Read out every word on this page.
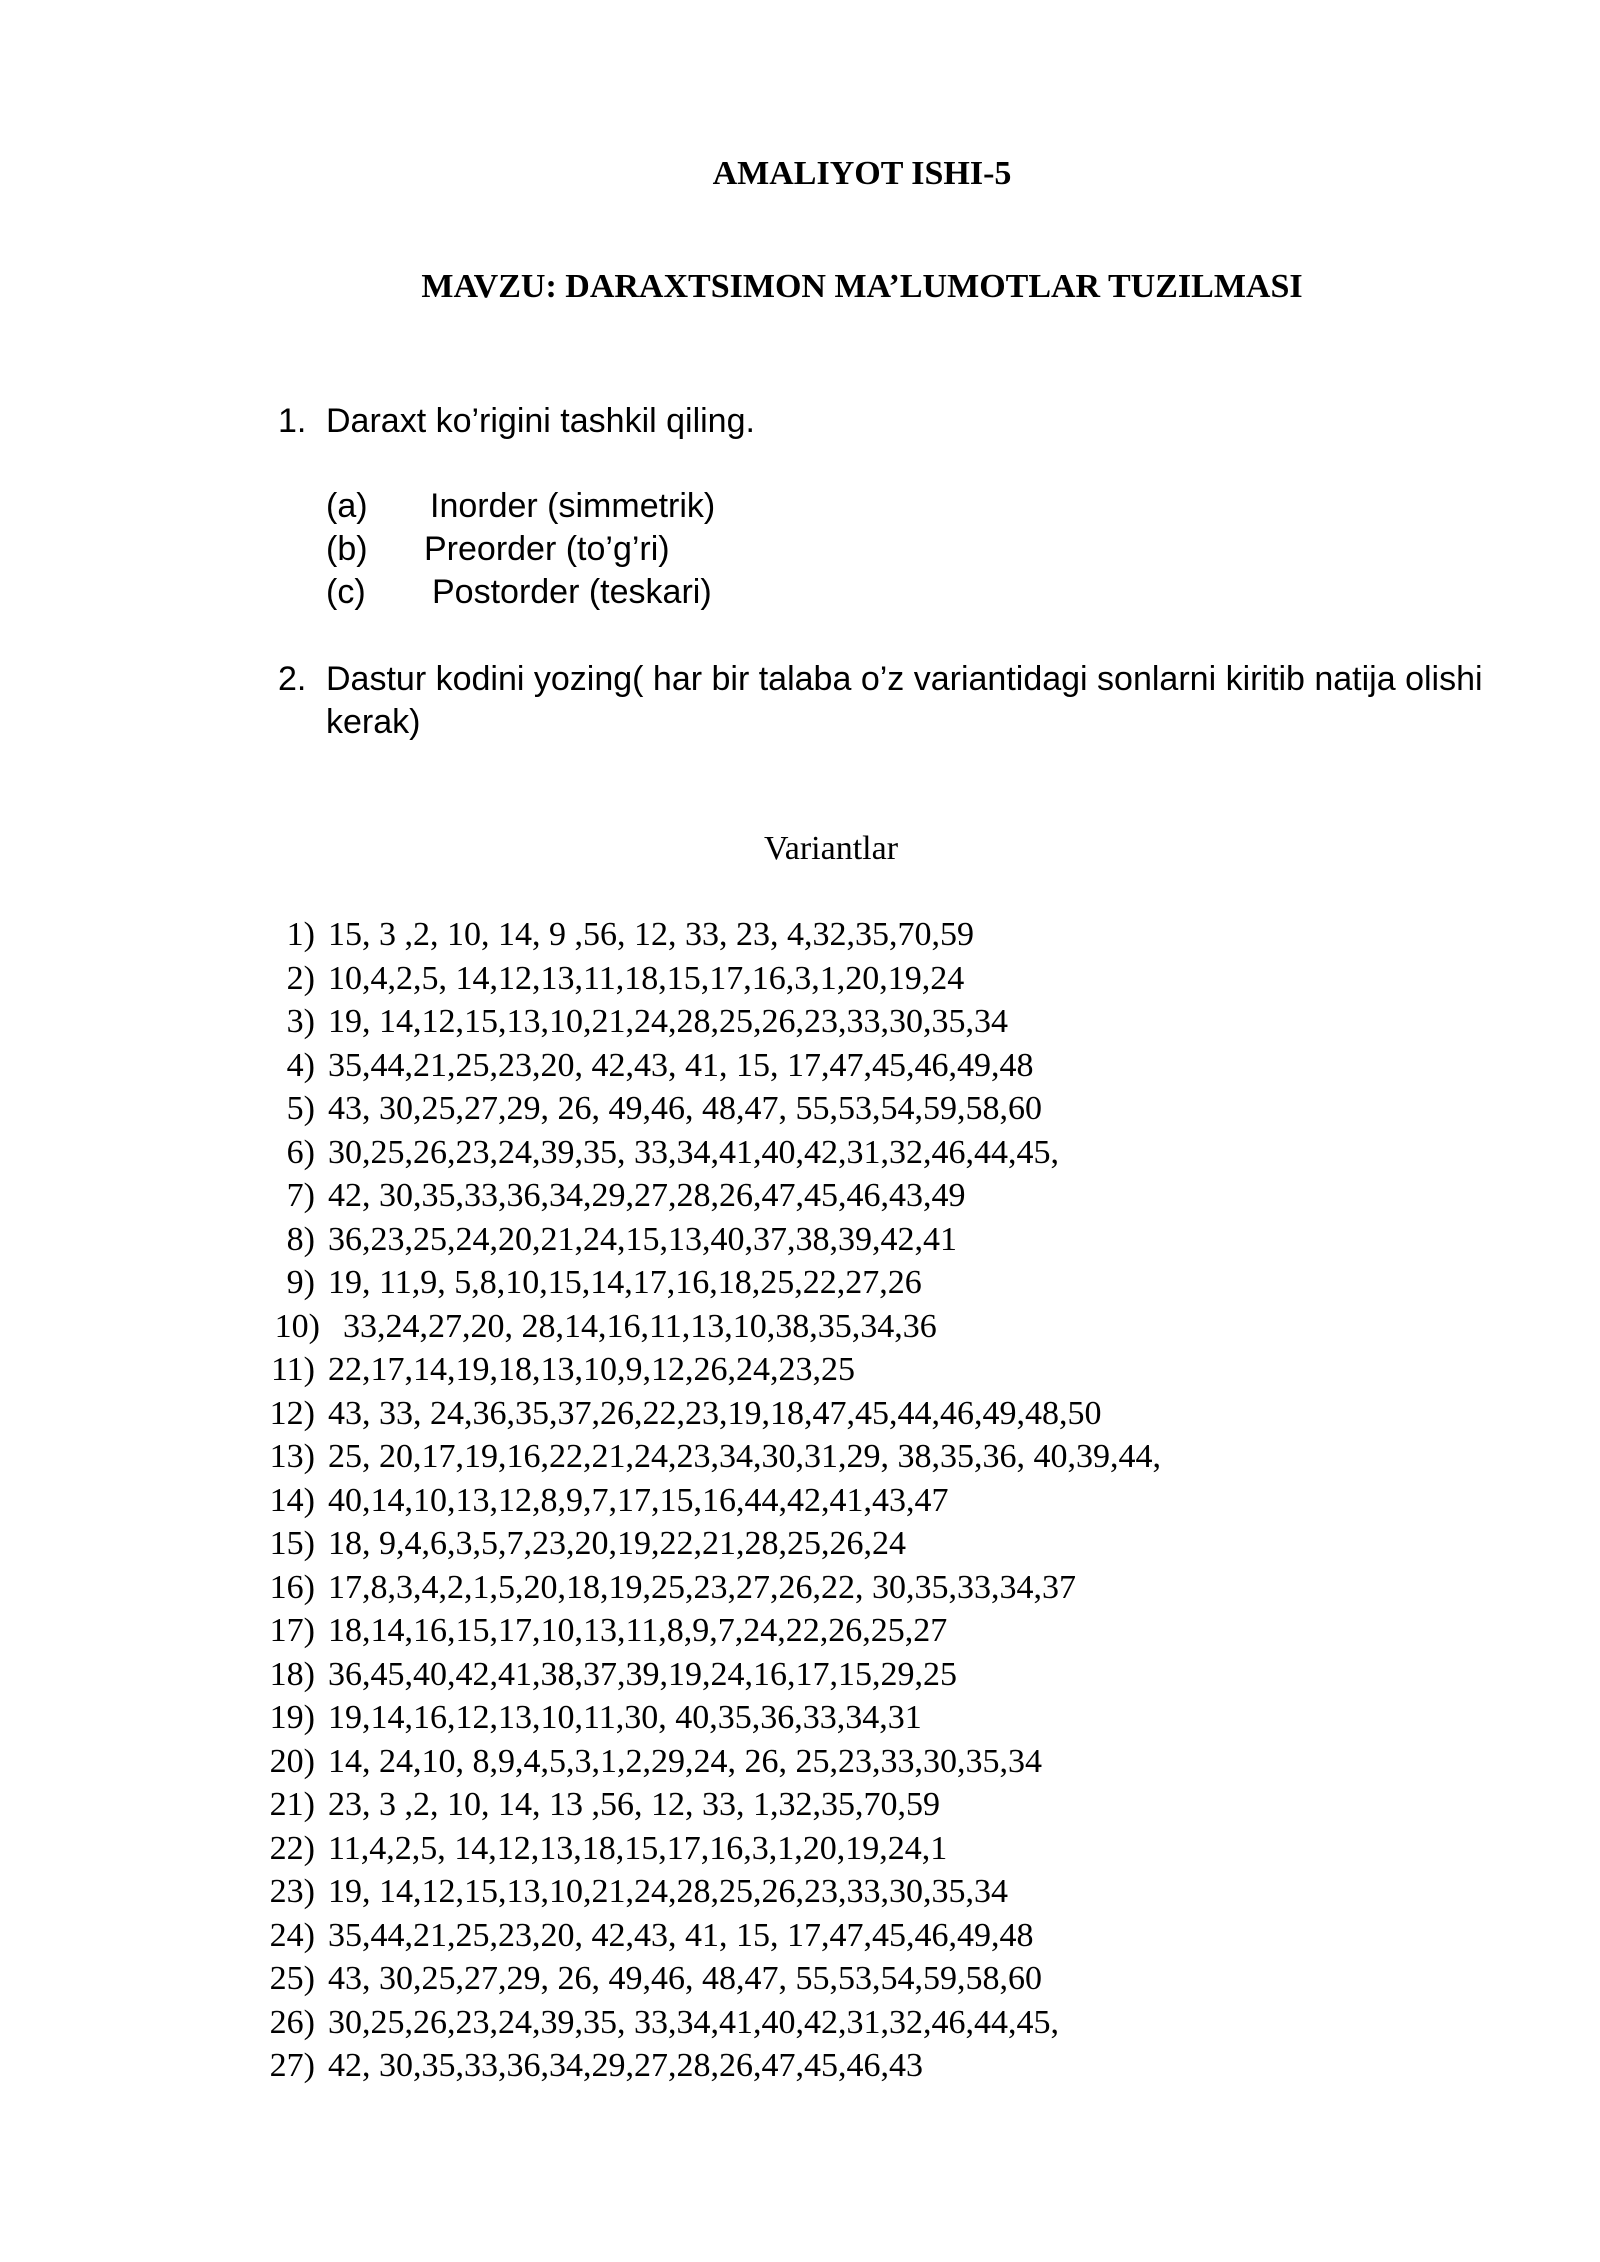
AMALIYOT ISHI-5
MAVZU: DARAXTSIMON MA’LUMOTLAR TUZILMASI
1. Daraxt ko’rigini tashkil qiling.
(a) Inorder (simmetrik)
(b) Preorder (to’g’ri)
(c) Postorder (teskari)
2. Dastur kodini yozing( har bir talaba o’z variantidagi sonlarni kiritib natija olishi kerak)
Variantlar
1) 15, 3 ,2, 10, 14, 9 ,56, 12, 33, 23, 4,32,35,70,59
2) 10,4,2,5, 14,12,13,11,18,15,17,16,3,1,20,19,24
3) 19, 14,12,15,13,10,21,24,28,25,26,23,33,30,35,34
4) 35,44,21,25,23,20, 42,43, 41, 15, 17,47,45,46,49,48
5) 43, 30,25,27,29, 26, 49,46, 48,47, 55,53,54,59,58,60
6) 30,25,26,23,24,39,35, 33,34,41,40,42,31,32,46,44,45,
7) 42, 30,35,33,36,34,29,27,28,26,47,45,46,43,49
8) 36,23,25,24,20,21,24,15,13,40,37,38,39,42,41
9) 19, 11,9, 5,8,10,15,14,17,16,18,25,22,27,26
10) 33,24,27,20, 28,14,16,11,13,10,38,35,34,36
11) 22,17,14,19,18,13,10,9,12,26,24,23,25
12) 43, 33, 24,36,35,37,26,22,23,19,18,47,45,44,46,49,48,50
13) 25, 20,17,19,16,22,21,24,23,34,30,31,29, 38,35,36, 40,39,44,
14) 40,14,10,13,12,8,9,7,17,15,16,44,42,41,43,47
15) 18, 9,4,6,3,5,7,23,20,19,22,21,28,25,26,24
16) 17,8,3,4,2,1,5,20,18,19,25,23,27,26,22, 30,35,33,34,37
17) 18,14,16,15,17,10,13,11,8,9,7,24,22,26,25,27
18) 36,45,40,42,41,38,37,39,19,24,16,17,15,29,25
19) 19,14,16,12,13,10,11,30, 40,35,36,33,34,31
20) 14, 24,10, 8,9,4,5,3,1,2,29,24, 26, 25,23,33,30,35,34
21) 23, 3 ,2, 10, 14, 13 ,56, 12, 33, 1,32,35,70,59
22) 11,4,2,5, 14,12,13,18,15,17,16,3,1,20,19,24,1
23) 19, 14,12,15,13,10,21,24,28,25,26,23,33,30,35,34
24) 35,44,21,25,23,20, 42,43, 41, 15, 17,47,45,46,49,48
25) 43, 30,25,27,29, 26, 49,46, 48,47, 55,53,54,59,58,60
26) 30,25,26,23,24,39,35, 33,34,41,40,42,31,32,46,44,45,
27) 42, 30,35,33,36,34,29,27,28,26,47,45,46,43
